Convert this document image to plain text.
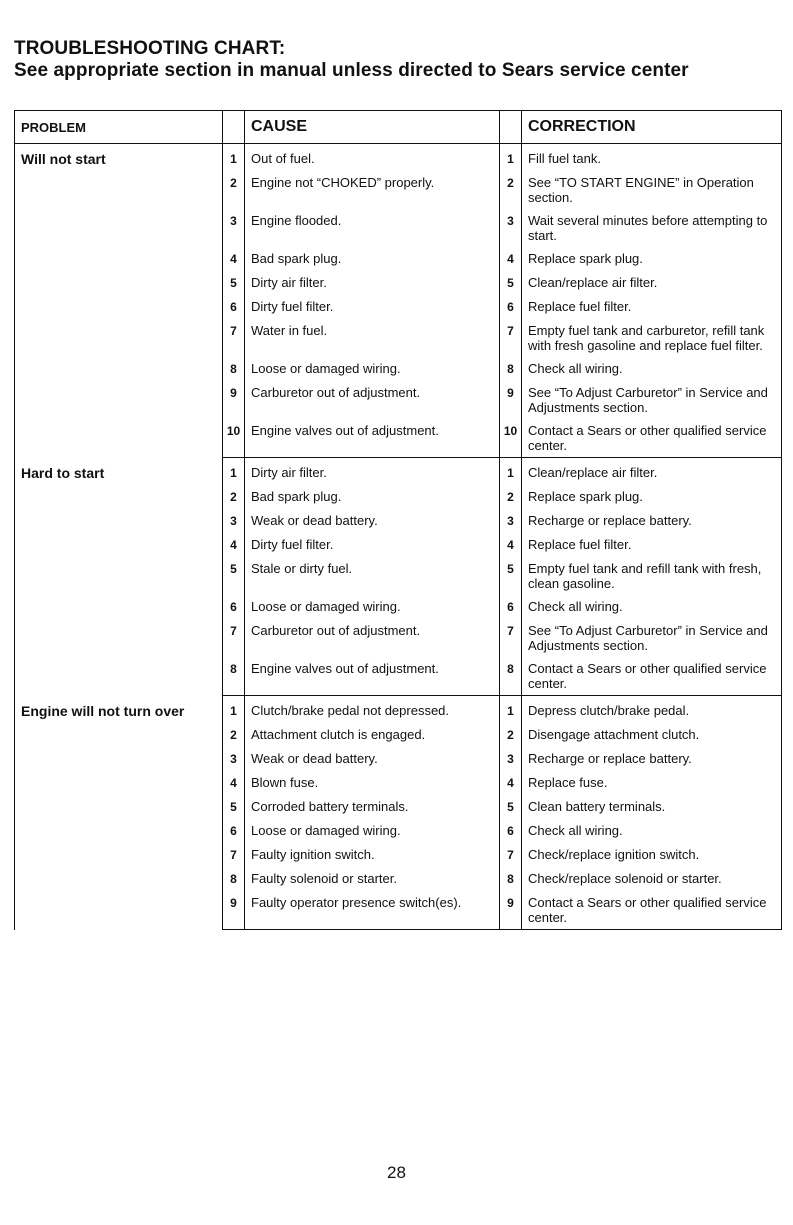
TROUBLESHOOTING CHART:
See appropriate section in manual unless directed to Sears service center
PROBLEM		CAUSE		CORRECTION
Will not start	1	Out of fuel.	1	Fill fuel tank.
	2	Engine not “CHOKED” properly.	2	See “TO START ENGINE” in Operation section.
	3	Engine flooded.	3	Wait several minutes before attempting to start.
	4	Bad spark plug.	4	Replace spark plug.
	5	Dirty air filter.	5	Clean/replace air filter.
	6	Dirty fuel filter.	6	Replace fuel filter.
	7	Water in fuel.	7	Empty fuel tank and carburetor, refill tank with fresh gasoline and replace fuel filter.
	8	Loose or damaged wiring.	8	Check all wiring.
	9	Carburetor out of adjustment.	9	See “To Adjust Carburetor” in Service and Adjustments section.
	10	Engine valves out of adjustment.	10	Contact a Sears or other qualified service center.
Hard to start	1	Dirty air filter.	1	Clean/replace air filter.
	2	Bad spark plug.	2	Replace spark plug.
	3	Weak or dead battery.	3	Recharge or replace battery.
	4	Dirty fuel filter.	4	Replace fuel filter.
	5	Stale or dirty fuel.	5	Empty fuel tank and refill tank with fresh, clean gasoline.
	6	Loose or damaged wiring.	6	Check all wiring.
	7	Carburetor out of adjustment.	7	See “To Adjust Carburetor” in Service and Adjustments section.
	8	Engine valves out of adjustment.	8	Contact a Sears or other qualified service center.
Engine will not turn over	1	Clutch/brake pedal not depressed.	1	Depress clutch/brake pedal.
	2	Attachment clutch is engaged.	2	Disengage attachment clutch.
	3	Weak or dead battery.	3	Recharge or replace battery.
	4	Blown fuse.	4	Replace fuse.
	5	Corroded battery terminals.	5	Clean battery terminals.
	6	Loose or damaged wiring.	6	Check all wiring.
	7	Faulty ignition switch.	7	Check/replace ignition switch.
	8	Faulty solenoid or starter.	8	Check/replace solenoid or starter.
	9	Faulty operator presence switch(es).	9	Contact a Sears or other qualified service center.
28
